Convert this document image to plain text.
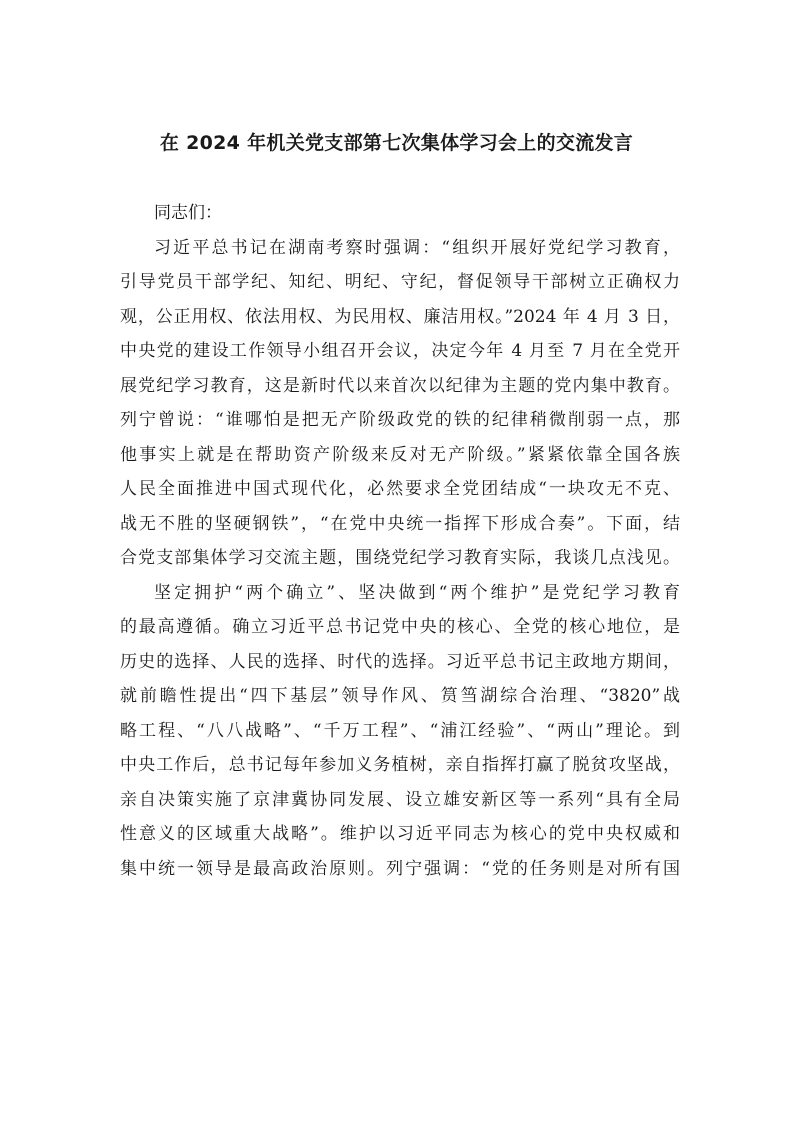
在 2024 年机关党支部第七次集体学习会上的交流发言
同志们：
习近平总书记在湖南考察时强调：“组织开展好党纪学习教育，
引导党员干部学纪、知纪、明纪、守纪，督促领导干部树立正确权力
观，公正用权、依法用权、为民用权、廉洁用权。”2024 年 4 月 3 日，
中央党的建设工作领导小组召开会议，决定今年 4 月至 7 月在全党开
展党纪学习教育，这是新时代以来首次以纪律为主题的党内集中教育。
列宁曾说：“谁哪怕是把无产阶级政党的铁的纪律稍微削弱一点，那
他事实上就是在帮助资产阶级来反对无产阶级。”紧紧依靠全国各族
人民全面推进中国式现代化，必然要求全党团结成“一块攻无不克、
战无不胜的坚硬钢铁”，“在党中央统一指挥下形成合奏”。下面，结
合党支部集体学习交流主题，围绕党纪学习教育实际，我谈几点浅见。
坚定拥护“两个确立”、坚决做到“两个维护”是党纪学习教育
的最高遵循。确立习近平总书记党中央的核心、全党的核心地位，是
历史的选择、人民的选择、时代的选择。习近平总书记主政地方期间，
就前瞻性提出“四下基层”领导作风、筼筜湖综合治理、“3820”战
略工程、“八八战略”、“千万工程”、“浦江经验”、“两山”理论。到
中央工作后，总书记每年参加义务植树，亲自指挥打赢了脱贫攻坚战，
亲自决策实施了京津冀协同发展、设立雄安新区等一系列“具有全局
性意义的区域重大战略”。维护以习近平同志为核心的党中央权威和
集中统一领导是最高政治原则。列宁强调：“党的任务则是对所有国
